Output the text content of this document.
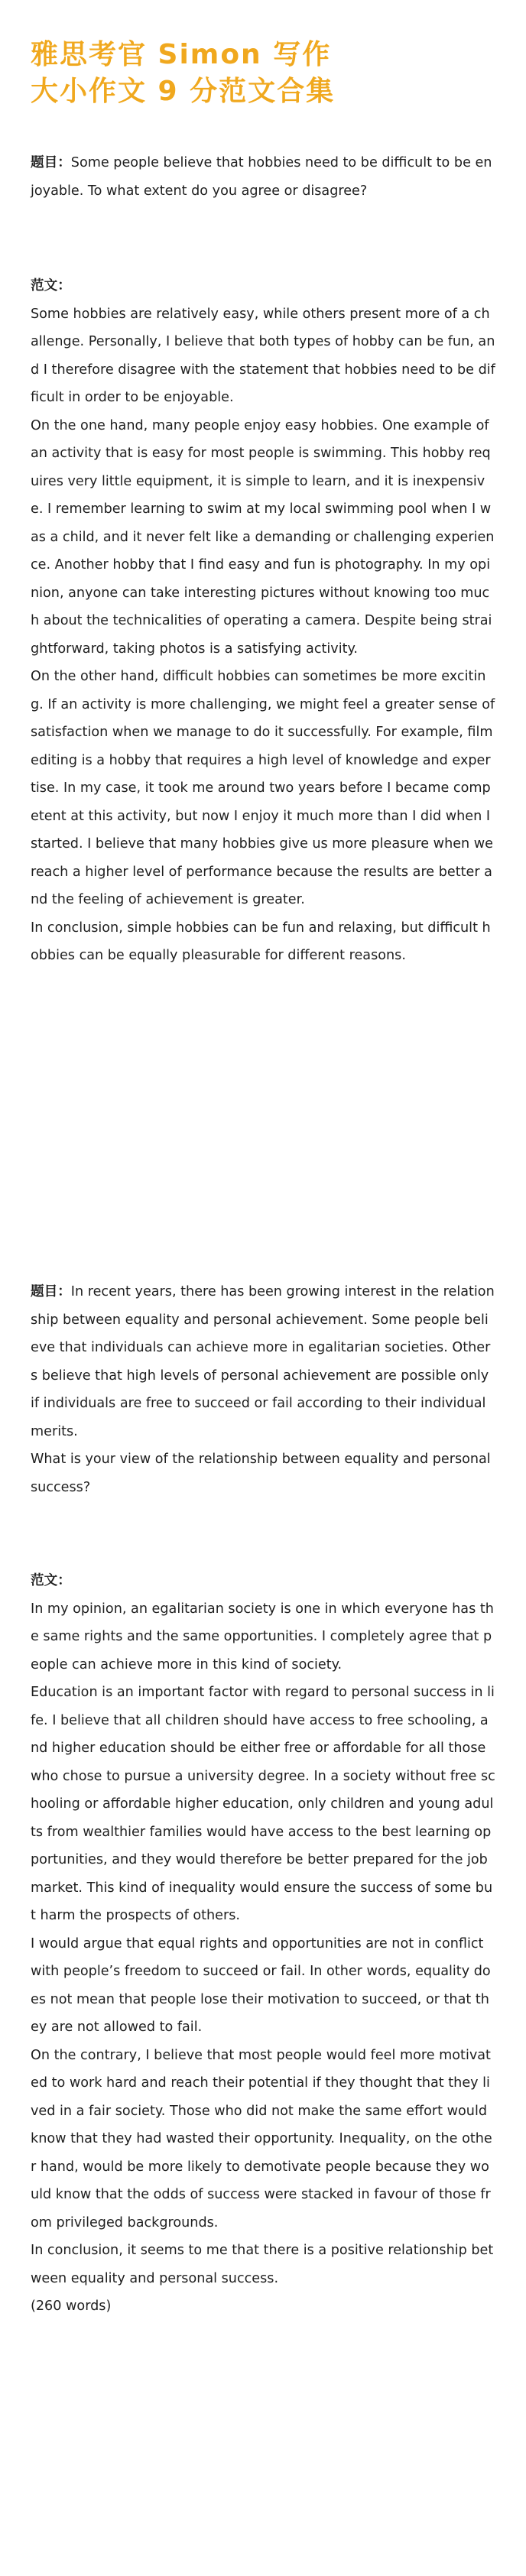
雅思考官 Simon 写作
大小作文 9 分范文合集

题目：Some people believe that hobbies need to be difficult to be enjoyable. To what extent do you agree or disagree?

范文：

Some hobbies are relatively easy, while others present more of a challenge. Personally, I believe that both types of hobby can be fun, and I therefore disagree with the statement that hobbies need to be difficult in order to be enjoyable.

On the one hand, many people enjoy easy hobbies. One example of an activity that is easy for most people is swimming. This hobby requires very little equipment, it is simple to learn, and it is inexpensive. I remember learning to swim at my local swimming pool when I was a child, and it never felt like a demanding or challenging experience. Another hobby that I find easy and fun is photography. In my opinion, anyone can take interesting pictures without knowing too much about the technicalities of operating a camera. Despite being straightforward, taking photos is a satisfying activity.

On the other hand, difficult hobbies can sometimes be more exciting. If an activity is more challenging, we might feel a greater sense of satisfaction when we manage to do it successfully. For example, film editing is a hobby that requires a high level of knowledge and expertise. In my case, it took me around two years before I became competent at this activity, but now I enjoy it much more than I did when I started. I believe that many hobbies give us more pleasure when we reach a higher level of performance because the results are better and the feeling of achievement is greater.

In conclusion, simple hobbies can be fun and relaxing, but difficult hobbies can be equally pleasurable for different reasons.

题目：In recent years, there has been growing interest in the relationship between equality and personal achievement. Some people believe that individuals can achieve more in egalitarian societies. Others believe that high levels of personal achievement are possible only if individuals are free to succeed or fail according to their individual merits.
What is your view of the relationship between equality and personal success?

范文：

In my opinion, an egalitarian society is one in which everyone has the same rights and the same opportunities. I completely agree that people can achieve more in this kind of society.

Education is an important factor with regard to personal success in life. I believe that all children should have access to free schooling, and higher education should be either free or affordable for all those who chose to pursue a university degree. In a society without free schooling or affordable higher education, only children and young adults from wealthier families would have access to the best learning opportunities, and they would therefore be better prepared for the job market. This kind of inequality would ensure the success of some but harm the prospects of others.

I would argue that equal rights and opportunities are not in conflict with people’s freedom to succeed or fail. In other words, equality does not mean that people lose their motivation to succeed, or that they are not allowed to fail.

On the contrary, I believe that most people would feel more motivated to work hard and reach their potential if they thought that they lived in a fair society. Those who did not make the same effort would know that they had wasted their opportunity. Inequality, on the other hand, would be more likely to demotivate people because they would know that the odds of success were stacked in favour of those from privileged backgrounds.

In conclusion, it seems to me that there is a positive relationship between equality and personal success.

(260 words)
